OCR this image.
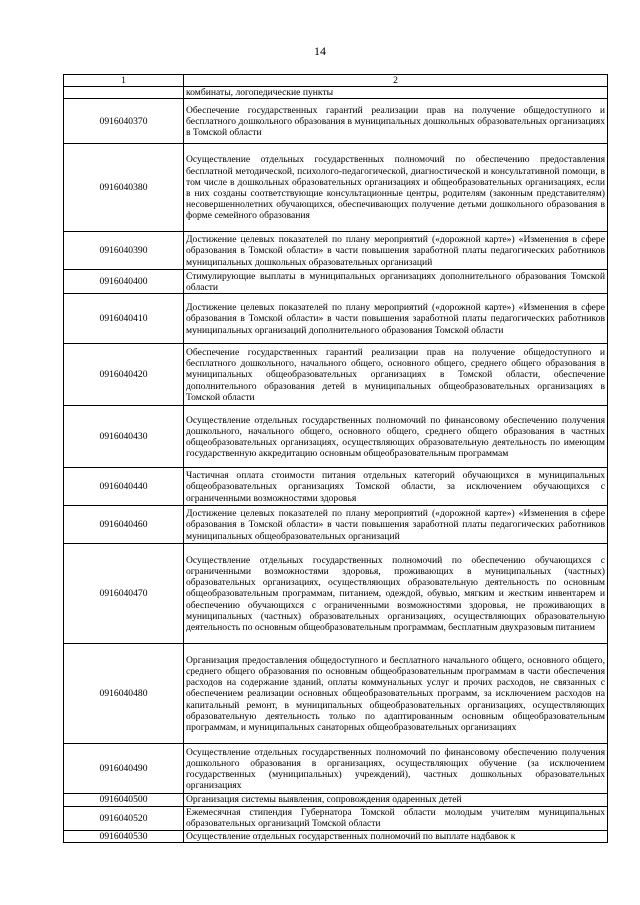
14
1	2
	комбинаты, логопедические пункты
0916040370	Обеспечение государственных гарантий реализации прав на получение общедоступного и бесплатного дошкольного образования в муниципальных дошкольных образовательных организациях в Томской области
0916040380	Осуществление отдельных государственных полномочий по обеспечению предоставления бесплатной методической, психолого-педагогической, диагностической и консультативной помощи, в том числе в дошкольных образовательных организациях и общеобразовательных организациях, если в них созданы соответствующие консультационные центры, родителям (законным представителям) несовершеннолетних обучающихся, обеспечивающих получение детьми дошкольного образования в форме семейного образования
0916040390	Достижение целевых показателей по плану мероприятий («дорожной карте») «Изменения в сфере образования в Томской области» в части повышения заработной платы педагогических работников муниципальных дошкольных образовательных организаций
0916040400	Стимулирующие выплаты в муниципальных организациях дополнительного образования Томской области
0916040410	Достижение целевых показателей по плану мероприятий («дорожной карте») «Изменения в сфере образования в Томской области» в части повышения заработной платы педагогических работников муниципальных организаций дополнительного образования Томской области
0916040420	Обеспечение государственных гарантий реализации прав на получение общедоступного и бесплатного дошкольного, начального общего, основного общего, среднего общего образования в муниципальных общеобразовательных организациях в Томской области, обеспечение дополнительного образования детей в муниципальных общеобразовательных организациях в Томской области
0916040430	Осуществление отдельных государственных полномочий по финансовому обеспечению получения дошкольного, начального общего, основного общего, среднего общего образования в частных общеобразовательных организациях, осуществляющих образовательную деятельность по имеющим государственную аккредитацию основным общеобразовательным программам
0916040440	Частичная оплата стоимости питания отдельных категорий обучающихся в муниципальных общеобразовательных организациях Томской области, за исключением обучающихся с ограниченными возможностями здоровья
0916040460	Достижение целевых показателей по плану мероприятий («дорожной карте») «Изменения в сфере образования в Томской области» в части повышения заработной платы педагогических работников муниципальных общеобразовательных организаций
0916040470	Осуществление отдельных государственных полномочий по обеспечению обучающихся с ограниченными возможностями здоровья, проживающих в муниципальных (частных) образовательных организациях, осуществляющих образовательную деятельность по основным общеобразовательным программам, питанием, одеждой, обувью, мягким и жестким инвентарем и обеспечению обучающихся с ограниченными возможностями здоровья, не проживающих в муниципальных (частных) образовательных организациях, осуществляющих образовательную деятельность по основным общеобразовательным программам, бесплатным двухразовым питанием
0916040480	Организация предоставления общедоступного и бесплатного начального общего, основного общего, среднего общего образования по основным общеобразовательным программам в части обеспечения расходов на содержание зданий, оплаты коммунальных услуг и прочих расходов, не связанных с обеспечением реализации основных общеобразовательных программ, за исключением расходов на капитальный ремонт, в муниципальных общеобразовательных организациях, осуществляющих образовательную деятельность только по адаптированным основным общеобразовательным программам, и муниципальных санаторных общеобразовательных организациях
0916040490	Осуществление отдельных государственных полномочий по финансовому обеспечению получения дошкольного образования в организациях, осуществляющих обучение (за исключением государственных (муниципальных) учреждений), частных дошкольных образовательных организациях
0916040500	Организация системы выявления, сопровождения одаренных детей
0916040520	Ежемесячная стипендия Губернатора Томской области молодым учителям муниципальных образовательных организаций Томской области
0916040530	Осуществление отдельных государственных полномочий по выплате надбавок к
